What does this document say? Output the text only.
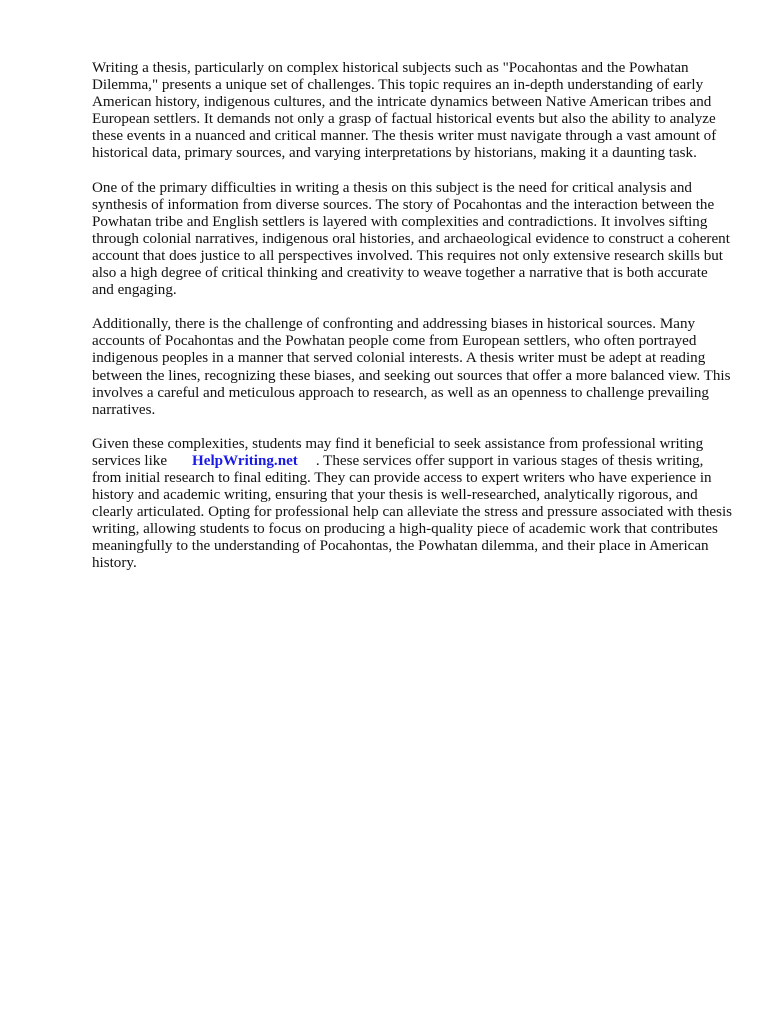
Writing a thesis, particularly on complex historical subjects such as "Pocahontas and the Powhatan Dilemma," presents a unique set of challenges. This topic requires an in-depth understanding of early American history, indigenous cultures, and the intricate dynamics between Native American tribes and European settlers. It demands not only a grasp of factual historical events but also the ability to analyze these events in a nuanced and critical manner. The thesis writer must navigate through a vast amount of historical data, primary sources, and varying interpretations by historians, making it a daunting task.

One of the primary difficulties in writing a thesis on this subject is the need for critical analysis and synthesis of information from diverse sources. The story of Pocahontas and the interaction between the Powhatan tribe and English settlers is layered with complexities and contradictions. It involves sifting through colonial narratives, indigenous oral histories, and archaeological evidence to construct a coherent account that does justice to all perspectives involved. This requires not only extensive research skills but also a high degree of critical thinking and creativity to weave together a narrative that is both accurate and engaging.

Additionally, there is the challenge of confronting and addressing biases in historical sources. Many accounts of Pocahontas and the Powhatan people come from European settlers, who often portrayed indigenous peoples in a manner that served colonial interests. A thesis writer must be adept at reading between the lines, recognizing these biases, and seeking out sources that offer a more balanced view. This involves a careful and meticulous approach to research, as well as an openness to challenge prevailing narratives.

Given these complexities, students may find it beneficial to seek assistance from professional writing services like HelpWriting.net . These services offer support in various stages of thesis writing, from initial research to final editing. They can provide access to expert writers who have experience in history and academic writing, ensuring that your thesis is well-researched, analytically rigorous, and clearly articulated. Opting for professional help can alleviate the stress and pressure associated with thesis writing, allowing students to focus on producing a high-quality piece of academic work that contributes meaningfully to the understanding of Pocahontas, the Powhatan dilemma, and their place in American history.
